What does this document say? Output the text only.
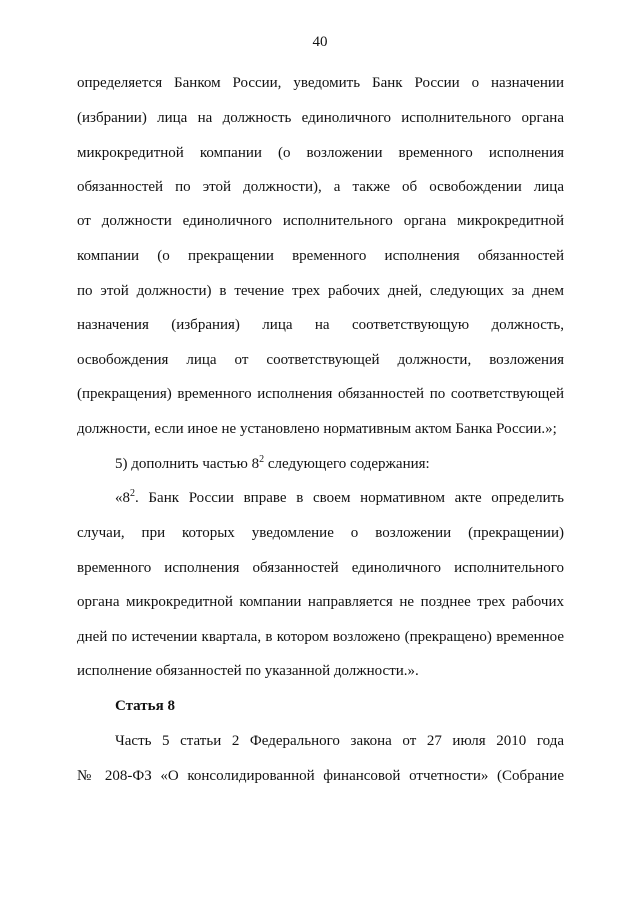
40
определяется Банком России, уведомить Банк России о назначении
(избрании) лица на должность единоличного исполнительного органа
микрокредитной компании (о возложении временного исполнения
обязанностей по этой должности), а также об освобождении лица
от должности единоличного исполнительного органа микрокредитной
компании (о прекращении временного исполнения обязанностей
по этой должности) в течение трех рабочих дней, следующих за днем
назначения (избрания) лица на соответствующую должность,
освобождения лица от соответствующей должности, возложения
(прекращения) временного исполнения обязанностей по соответствующей
должности, если иное не установлено нормативным актом Банка России.»;
5) дополнить частью $8^2$ следующего содержания:
«$8^2$. Банк России вправе в своем нормативном акте определить
случаи, при которых уведомление о возложении (прекращении)
временного исполнения обязанностей единоличного исполнительного
органа микрокредитной компании направляется не позднее трех рабочих
дней по истечении квартала, в котором возложено (прекращено) временное
исполнение обязанностей по указанной должности.».
Статья 8
Часть 5 статьи 2 Федерального закона от 27 июля 2010 года
№ 208-ФЗ «О консолидированной финансовой отчетности» (Собрание
